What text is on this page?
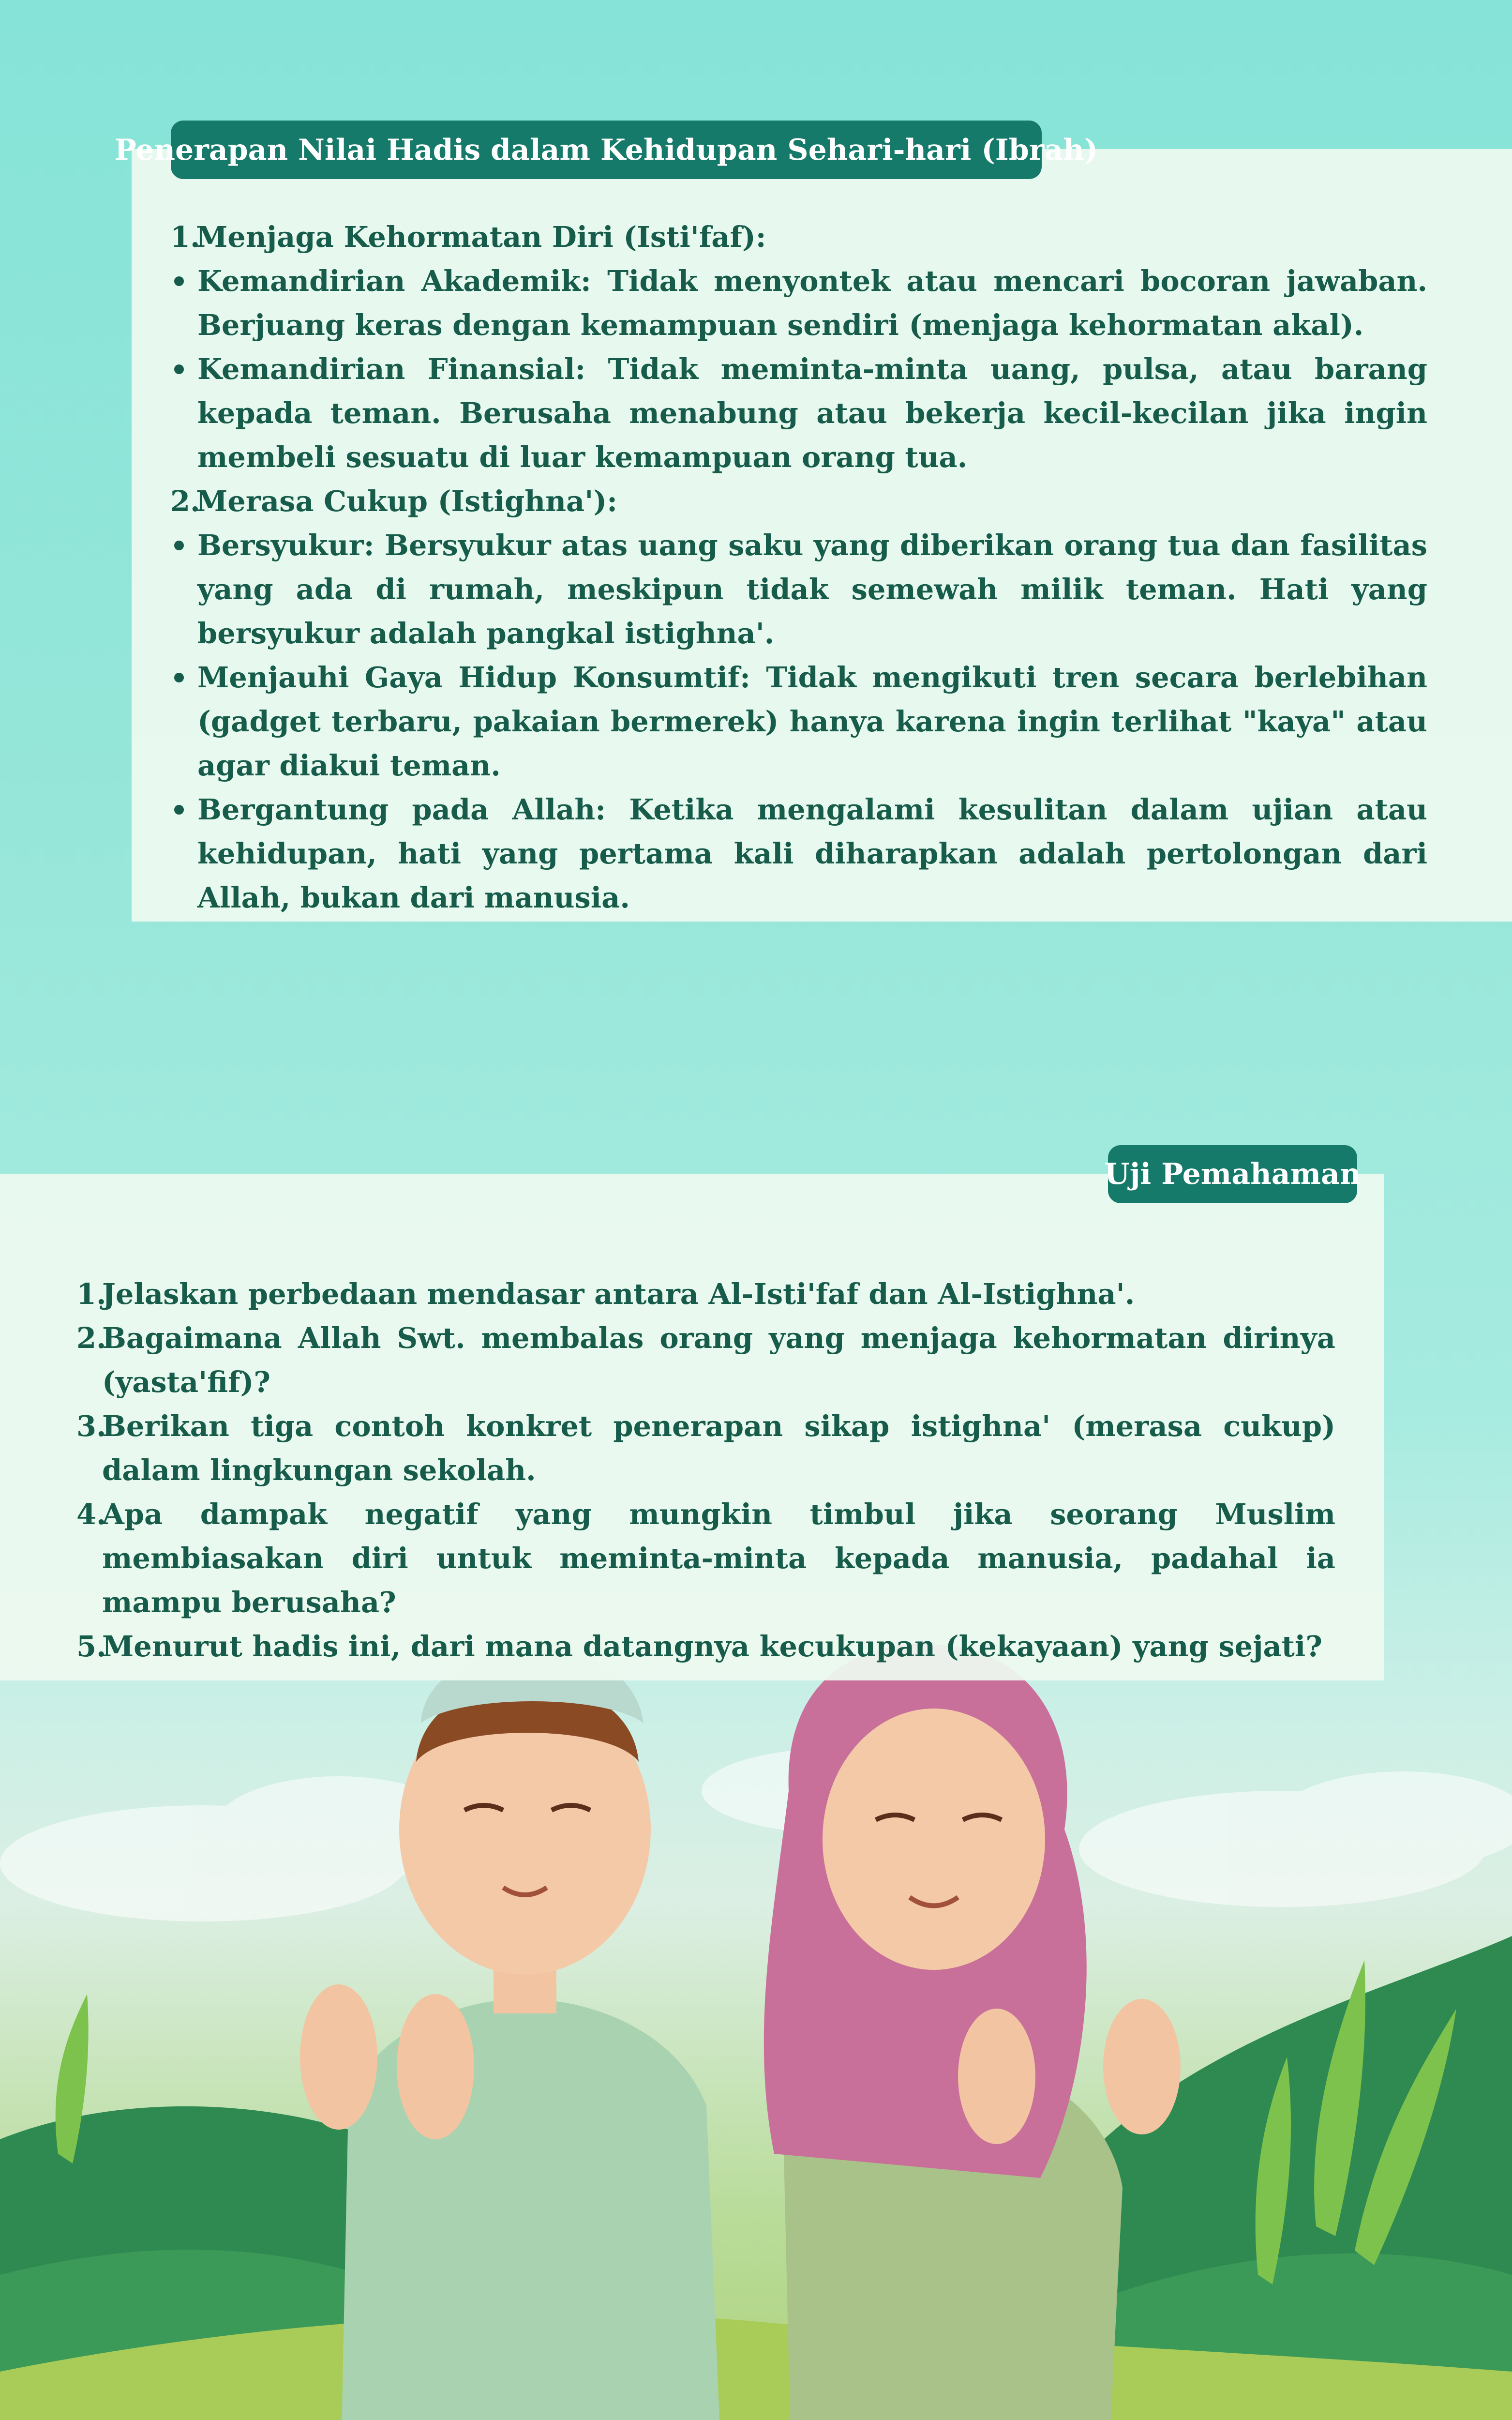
Penerapan Nilai Hadis dalam Kehidupan Sehari-hari (Ibrah)
1.
Menjaga Kehormatan Diri (Isti'faf):
Kemandirian Akademik: Tidak menyontek atau mencari bocoran jawaban. Berjuang keras dengan kemampuan sendiri (menjaga kehormatan akal).
Kemandirian Finansial: Tidak meminta-minta uang, pulsa, atau barang kepada teman. Berusaha menabung atau bekerja kecil-kecilan jika ingin membeli sesuatu di luar kemampuan orang tua.
2.
Merasa Cukup (Istighna'):
Bersyukur: Bersyukur atas uang saku yang diberikan orang tua dan fasilitas yang ada di rumah, meskipun tidak semewah milik teman. Hati yang bersyukur adalah pangkal istighna'.
Menjauhi Gaya Hidup Konsumtif: Tidak mengikuti tren secara berlebihan (gadget terbaru, pakaian bermerek) hanya karena ingin terlihat "kaya" atau agar diakui teman.
Bergantung pada Allah: Ketika mengalami kesulitan dalam ujian atau kehidupan, hati yang pertama kali diharapkan adalah pertolongan dari Allah, bukan dari manusia.
Uji Pemahaman
1.
Jelaskan perbedaan mendasar antara Al-Isti'faf dan Al-Istighna'.
2.
Bagaimana Allah Swt. membalas orang yang menjaga kehormatan dirinya (yasta'fif)?
3.
Berikan tiga contoh konkret penerapan sikap istighna' (merasa cukup) dalam lingkungan sekolah.
4.
Apa dampak negatif yang mungkin timbul jika seorang Muslim membiasakan diri untuk meminta-minta kepada manusia, padahal ia mampu berusaha?
5.
Menurut hadis ini, dari mana datangnya kecukupan (kekayaan) yang sejati?
